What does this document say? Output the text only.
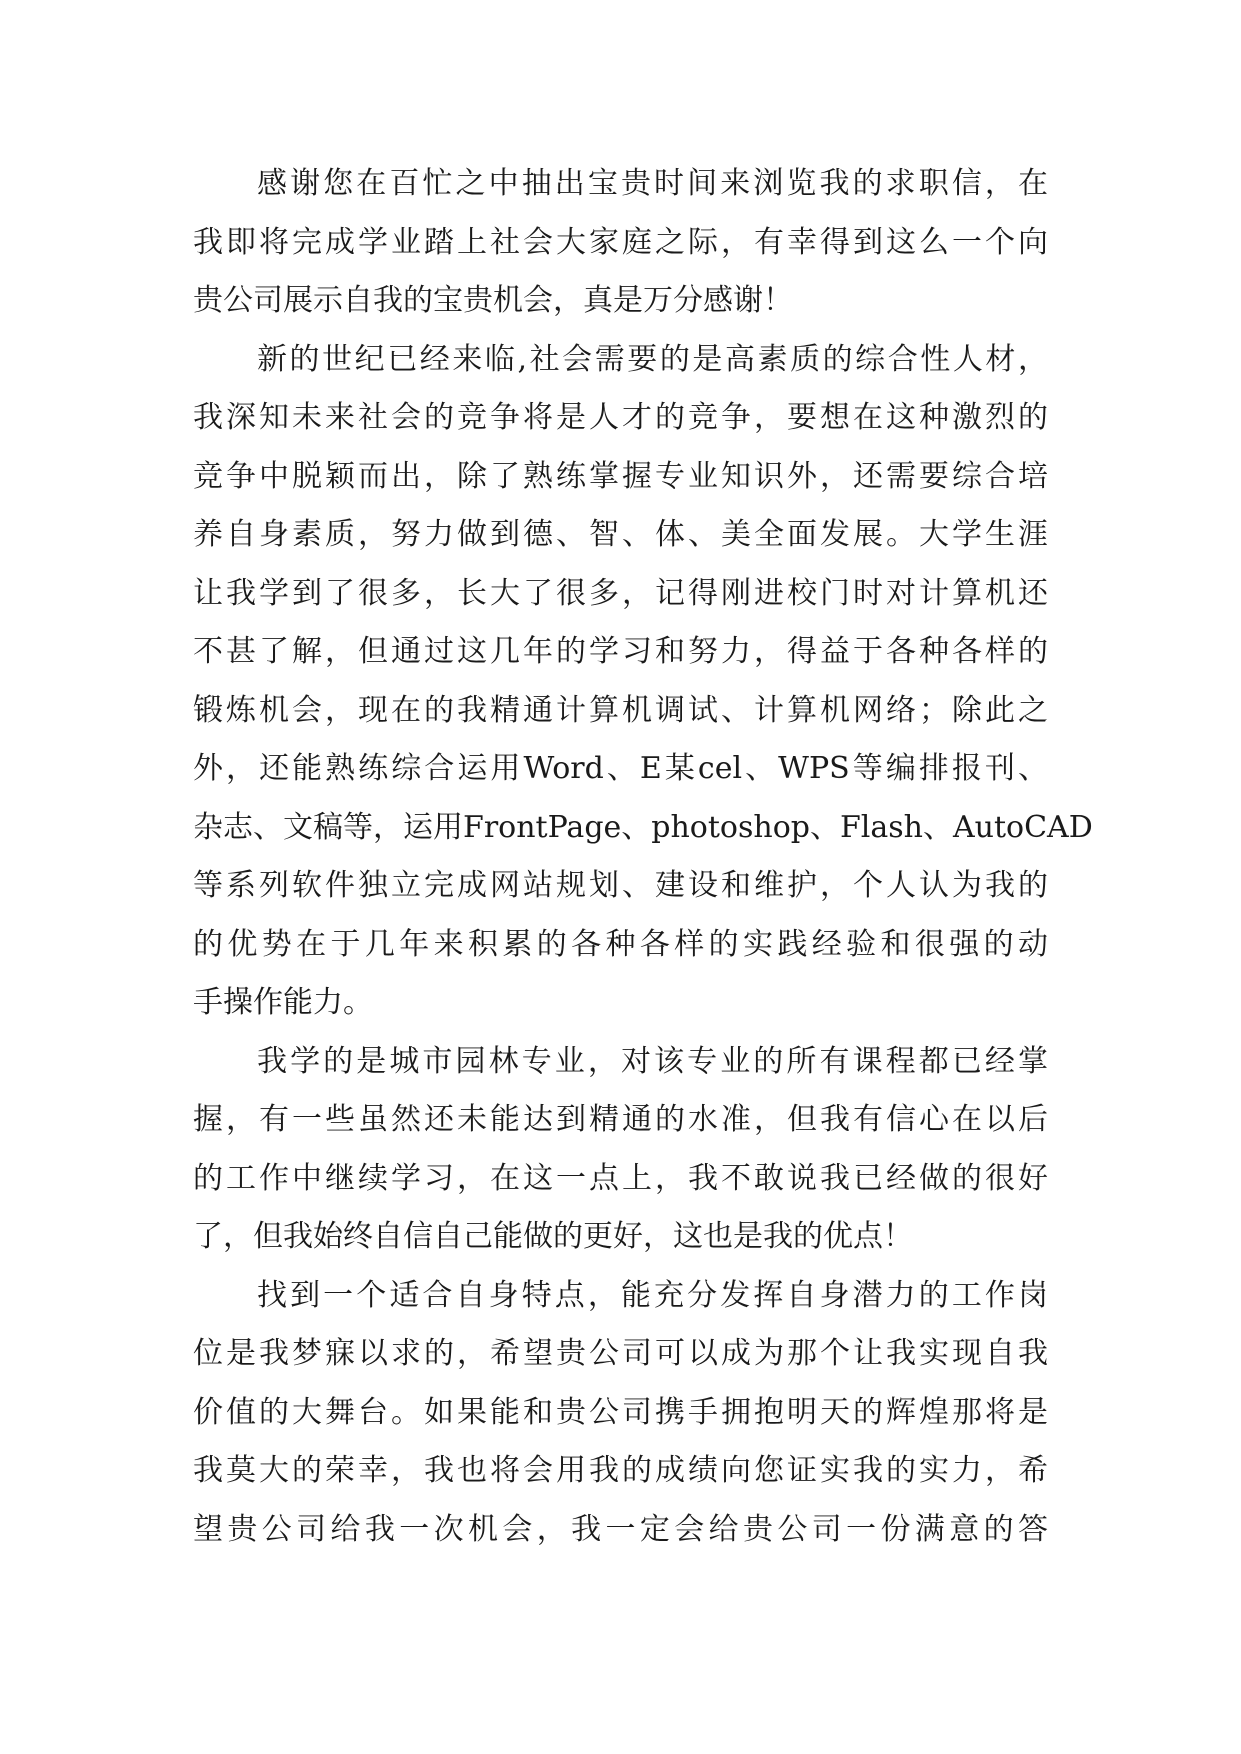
感谢您在百忙之中抽出宝贵时间来浏览我的求职信，在
我即将完成学业踏上社会大家庭之际，有幸得到这么一个向
贵公司展示自我的宝贵机会，真是万分感谢！
新的世纪已经来临,社会需要的是高素质的综合性人材，
我深知未来社会的竞争将是人才的竞争，要想在这种激烈的
竞争中脱颖而出，除了熟练掌握专业知识外，还需要综合培
养自身素质，努力做到德、智、体、美全面发展。大学生涯
让我学到了很多，长大了很多，记得刚进校门时对计算机还
不甚了解，但通过这几年的学习和努力，得益于各种各样的
锻炼机会，现在的我精通计算机调试、计算机网络；除此之
外，还能熟练综合运用Word、E某cel、WPS等编排报刊、
杂志、文稿等，运用FrontPage、photoshop、Flash、AutoCAD
等系列软件独立完成网站规划、建设和维护，个人认为我的
的优势在于几年来积累的各种各样的实践经验和很强的动
手操作能力。
我学的是城市园林专业，对该专业的所有课程都已经掌
握，有一些虽然还未能达到精通的水准，但我有信心在以后
的工作中继续学习，在这一点上，我不敢说我已经做的很好
了，但我始终自信自己能做的更好，这也是我的优点！
找到一个适合自身特点，能充分发挥自身潜力的工作岗
位是我梦寐以求的，希望贵公司可以成为那个让我实现自我
价值的大舞台。如果能和贵公司携手拥抱明天的辉煌那将是
我莫大的荣幸，我也将会用我的成绩向您证实我的实力，希
望贵公司给我一次机会，我一定会给贵公司一份满意的答
